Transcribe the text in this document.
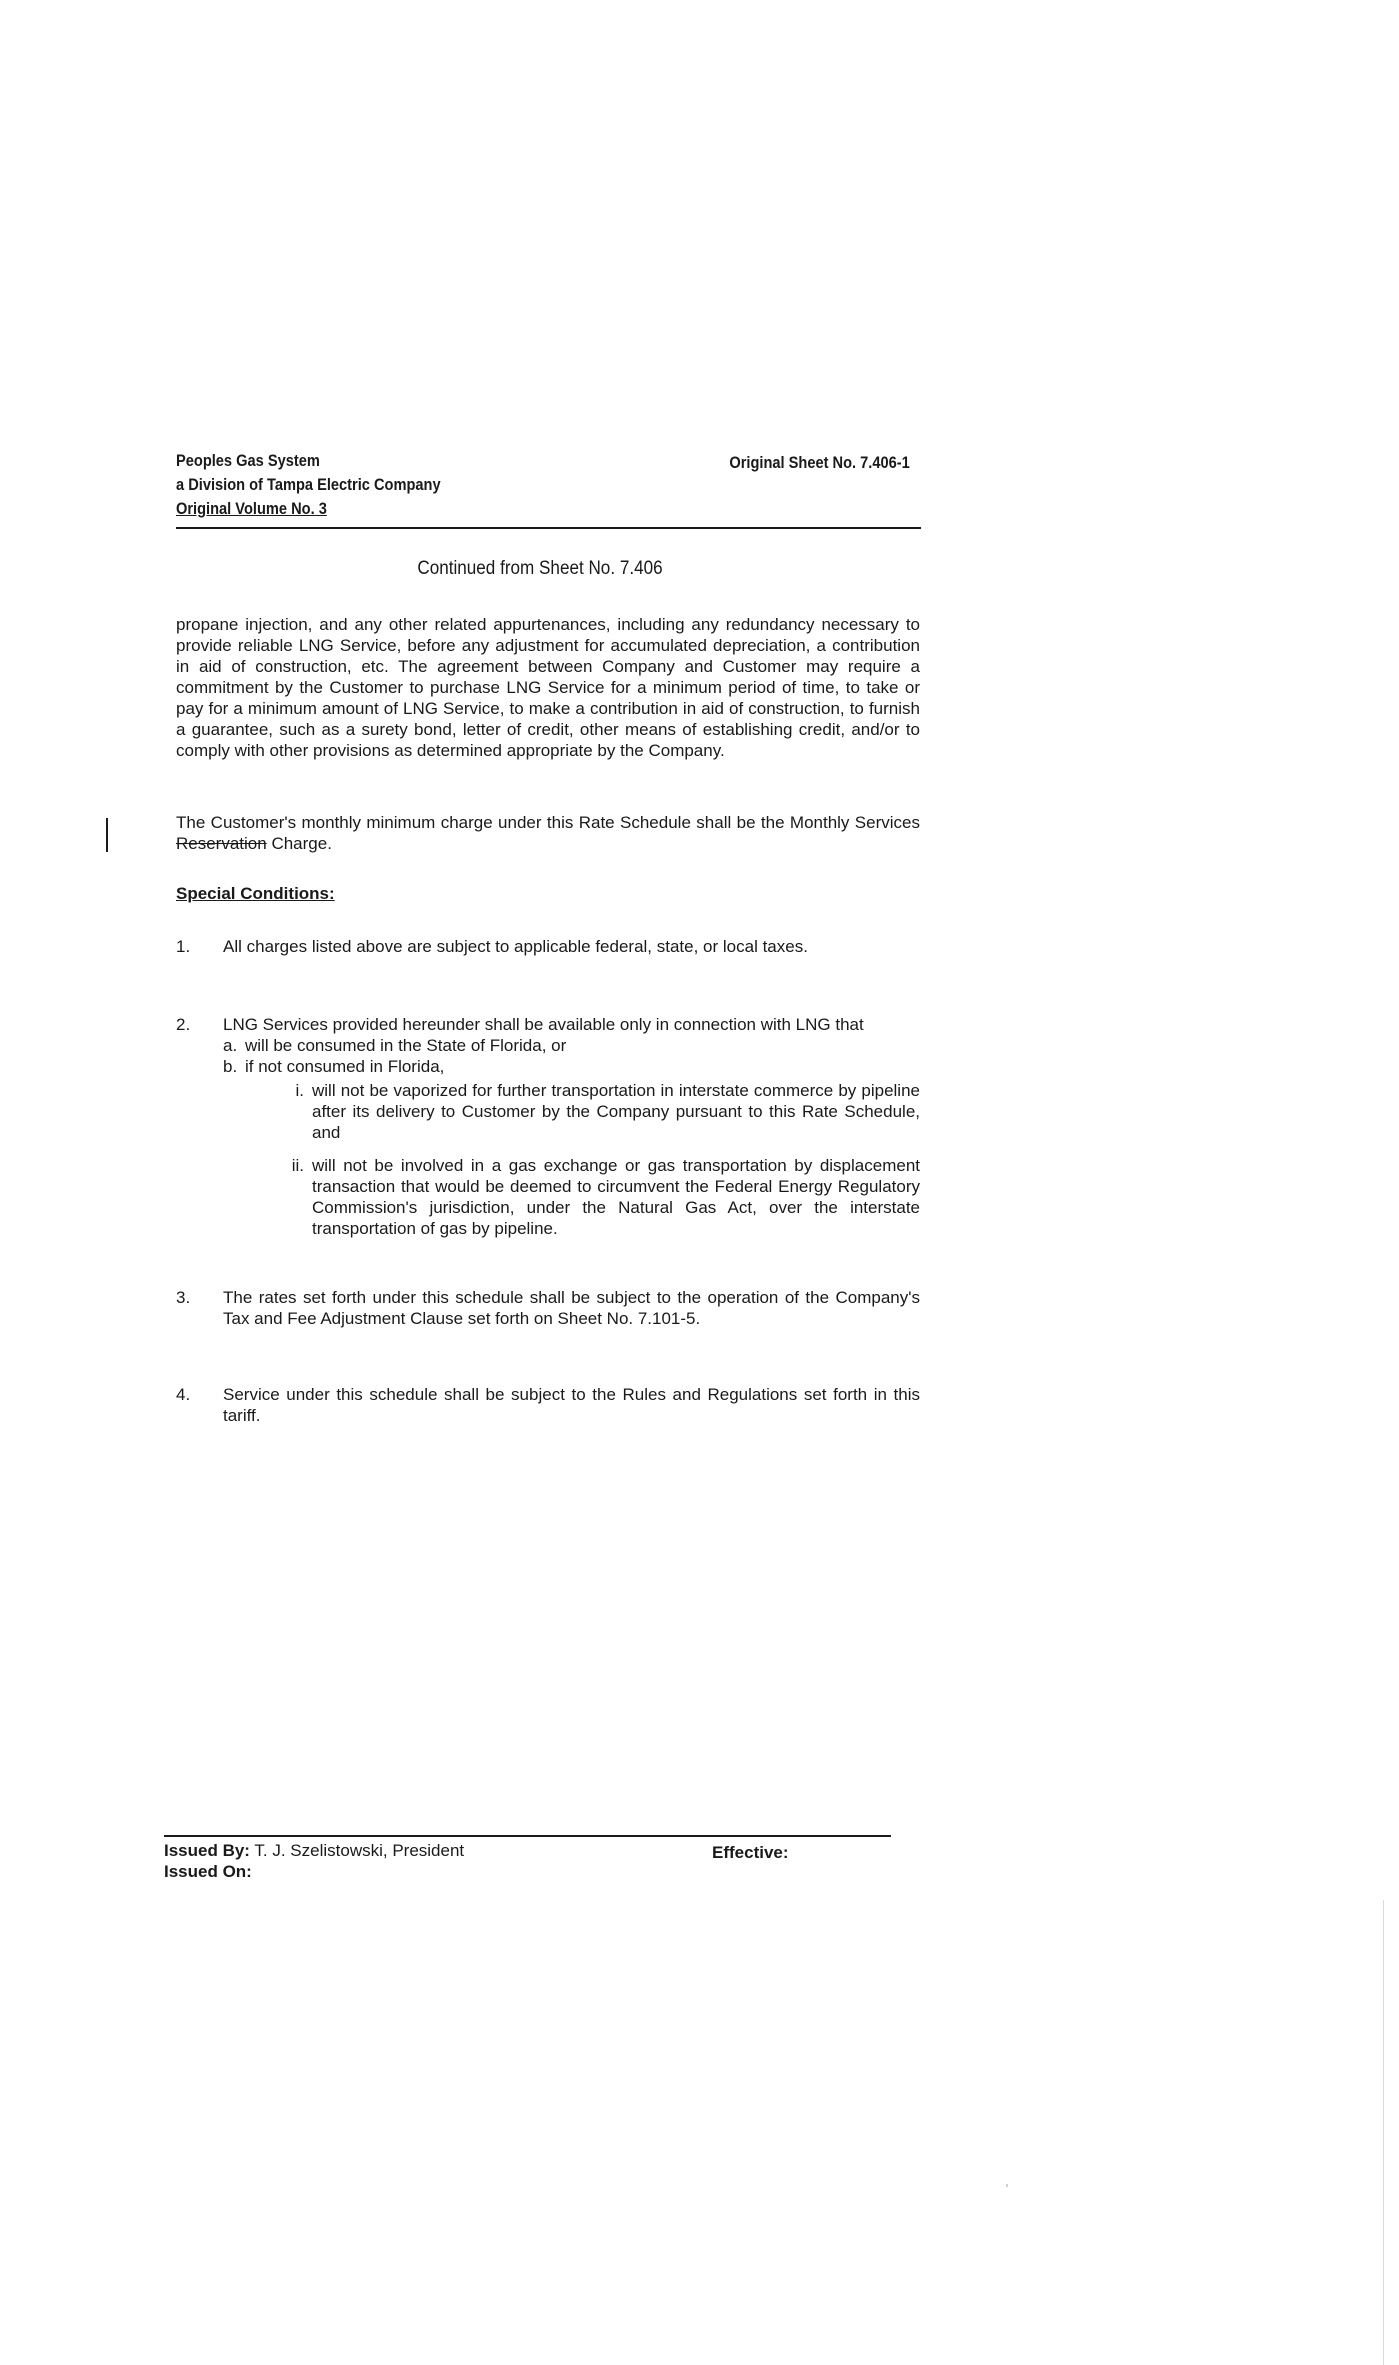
Peoples Gas System
a Division of Tampa Electric Company
Original Volume No. 3
Original Sheet No. 7.406-1
Continued from Sheet No. 7.406
propane injection, and any other related appurtenances, including any redundancy necessary to provide reliable LNG Service, before any adjustment for accumulated depreciation, a contribution in aid of construction, etc. The agreement between Company and Customer may require a commitment by the Customer to purchase LNG Service for a minimum period of time, to take or pay for a minimum amount of LNG Service, to make a contribution in aid of construction, to furnish a guarantee, such as a surety bond, letter of credit, other means of establishing credit, and/or to comply with other provisions as determined appropriate by the Company.
The Customer's monthly minimum charge under this Rate Schedule shall be the Monthly Services Reservation Charge.
Special Conditions:
1.	All charges listed above are subject to applicable federal, state, or local taxes.
2.	LNG Services provided hereunder shall be available only in connection with LNG that
a. will be consumed in the State of Florida, or
b. if not consumed in Florida,
i. will not be vaporized for further transportation in interstate commerce by pipeline after its delivery to Customer by the Company pursuant to this Rate Schedule, and
ii. will not be involved in a gas exchange or gas transportation by displacement transaction that would be deemed to circumvent the Federal Energy Regulatory Commission's jurisdiction, under the Natural Gas Act, over the interstate transportation of gas by pipeline.
3.	The rates set forth under this schedule shall be subject to the operation of the Company's Tax and Fee Adjustment Clause set forth on Sheet No. 7.101-5.
4.	Service under this schedule shall be subject to the Rules and Regulations set forth in this tariff.
Issued By: T. J. Szelistowski, President
Issued On:
Effective:
